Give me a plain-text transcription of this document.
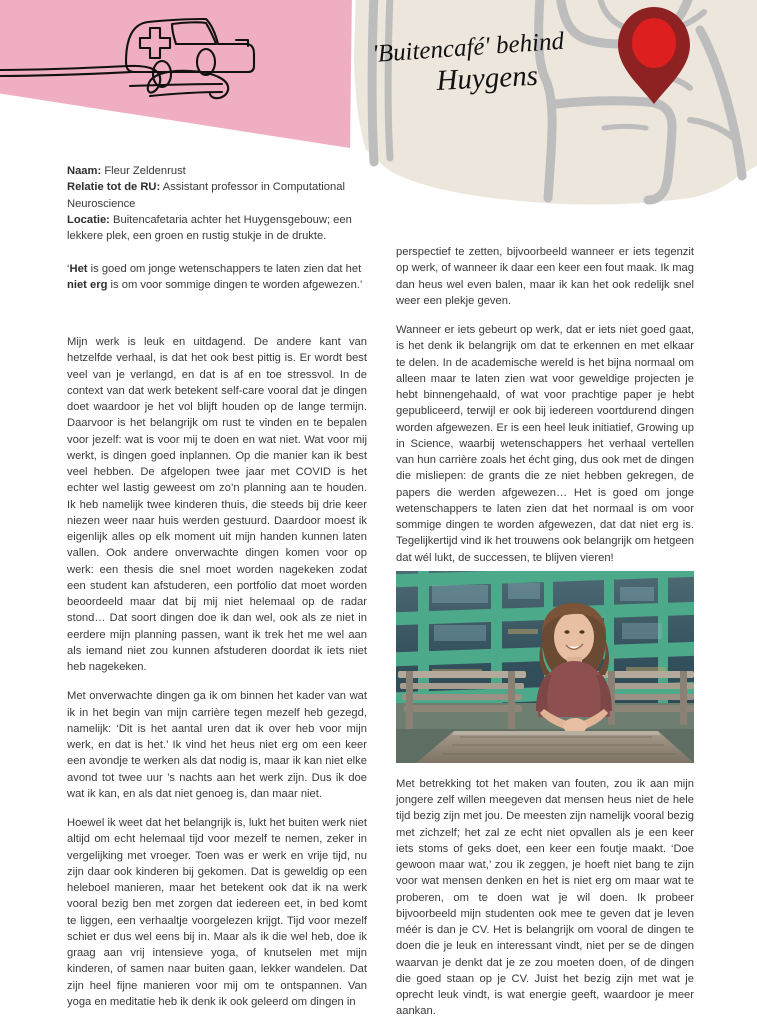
'Buitencafé' behind
Huygens
Naam: Fleur Zeldenrust
Relatie tot de RU: Assistant professor in Computational Neuroscience
Locatie: Buitencafetaria achter het Huygensgebouw; een lekkere plek, een groen en rustig stukje in de drukte.
‘Het is goed om jonge wetenschappers te laten zien dat het niet erg is om voor sommige dingen te worden afgewezen.’

Mijn werk is leuk en uitdagend. De andere kant van hetzelfde verhaal, is dat het ook best pittig is. Er wordt best veel van je verlangd, en dat is af en toe stressvol. In de context van dat werk betekent self-care vooral dat je dingen doet waardoor je het vol blijft houden op de lange termijn. Daarvoor is het belangrijk om rust te vinden en te bepalen voor jezelf: wat is voor mij te doen en wat niet. Wat voor mij werkt, is dingen goed inplannen. Op die manier kan ik best veel hebben. De afgelopen twee jaar met COVID is het echter wel lastig geweest om zo’n planning aan te houden. Ik heb namelijk twee kinderen thuis, die steeds bij drie keer niezen weer naar huis werden gestuurd. Daardoor moest ik eigenlijk alles op elk moment uit mijn handen kunnen laten vallen. Ook andere onverwachte dingen komen voor op werk: een thesis die snel moet worden nagekeken zodat een student kan afstuderen, een portfolio dat moet worden beoordeeld maar dat bij mij niet helemaal op de radar stond… Dat soort dingen doe ik dan wel, ook als ze niet in eerdere mijn planning passen, want ik trek het me wel aan als iemand niet zou kunnen afstuderen doordat ik iets niet heb nagekeken.

Met onverwachte dingen ga ik om binnen het kader van wat ik in het begin van mijn carrière tegen mezelf heb gezegd, namelijk: ‘Dit is het aantal uren dat ik over heb voor mijn werk, en dat is het.’ Ik vind het heus niet erg om een keer een avondje te werken als dat nodig is, maar ik kan niet elke avond tot twee uur ’s nachts aan het werk zijn. Dus ik doe wat ik kan, en als dat niet genoeg is, dan maar niet.

Hoewel ik weet dat het belangrijk is, lukt het buiten werk niet altijd om echt helemaal tijd voor mezelf te nemen, zeker in vergelijking met vroeger. Toen was er werk en vrije tijd, nu zijn daar ook kinderen bij gekomen. Dat is geweldig op een heleboel manieren, maar het betekent ook dat ik na werk vooral bezig ben met zorgen dat iedereen eet, in bed komt te liggen, een verhaaltje voorgelezen krijgt. Tijd voor mezelf schiet er dus wel eens bij in. Maar als ik die wel heb, doe ik graag aan vrij intensieve yoga, of knutselen met mijn kinderen, of samen naar buiten gaan, lekker wandelen. Dat zijn heel fijne manieren voor mij om te ontspannen. Van yoga en meditatie heb ik denk ik ook geleerd om dingen in

perspectief te zetten, bijvoorbeeld wanneer er iets tegenzit op werk, of wanneer ik daar een keer een fout maak. Ik mag dan heus wel even balen, maar ik kan het ook redelijk snel weer een plekje geven.

Wanneer er iets gebeurt op werk, dat er iets niet goed gaat, is het denk ik belangrijk om dat te erkennen en met elkaar te delen. In de academische wereld is het bijna normaal om alleen maar te laten zien wat voor geweldige projecten je hebt binnengehaald, of wat voor prachtige paper je hebt gepubliceerd, terwijl er ook bij iedereen voortdurend dingen worden afgewezen. Er is een heel leuk initiatief, Growing up in Science, waarbij wetenschappers het verhaal vertellen van hun carrière zoals het écht ging, dus ook met de dingen die misliepen: de grants die ze niet hebben gekregen, de papers die werden afgewezen… Het is goed om jonge wetenschappers te laten zien dat het normaal is om voor sommige dingen te worden afgewezen, dat dat niet erg is. Tegelijkertijd vind ik het trouwens ook belangrijk om hetgeen dat wél lukt, de successen, te blijven vieren!

Met betrekking tot het maken van fouten, zou ik aan mijn jongere zelf willen meegeven dat mensen heus niet de hele tijd bezig zijn met jou. De meesten zijn namelijk vooral bezig met zichzelf; het zal ze echt niet opvallen als je een keer iets stoms of geks doet, een keer een foutje maakt. ‘Doe gewoon maar wat,’ zou ik zeggen, je hoeft niet bang te zijn voor wat mensen denken en het is niet erg om maar wat te proberen, om te doen wat je wil doen. Ik probeer bijvoorbeeld mijn studenten ook mee te geven dat je leven méér is dan je CV. Het is belangrijk om vooral de dingen te doen die je leuk en interessant vindt, niet per se de dingen waarvan je denkt dat je ze zou moeten doen, of de dingen die goed staan op je CV. Juist het bezig zijn met wat je oprecht leuk vindt, is wat energie geeft, waardoor je meer aankan.
